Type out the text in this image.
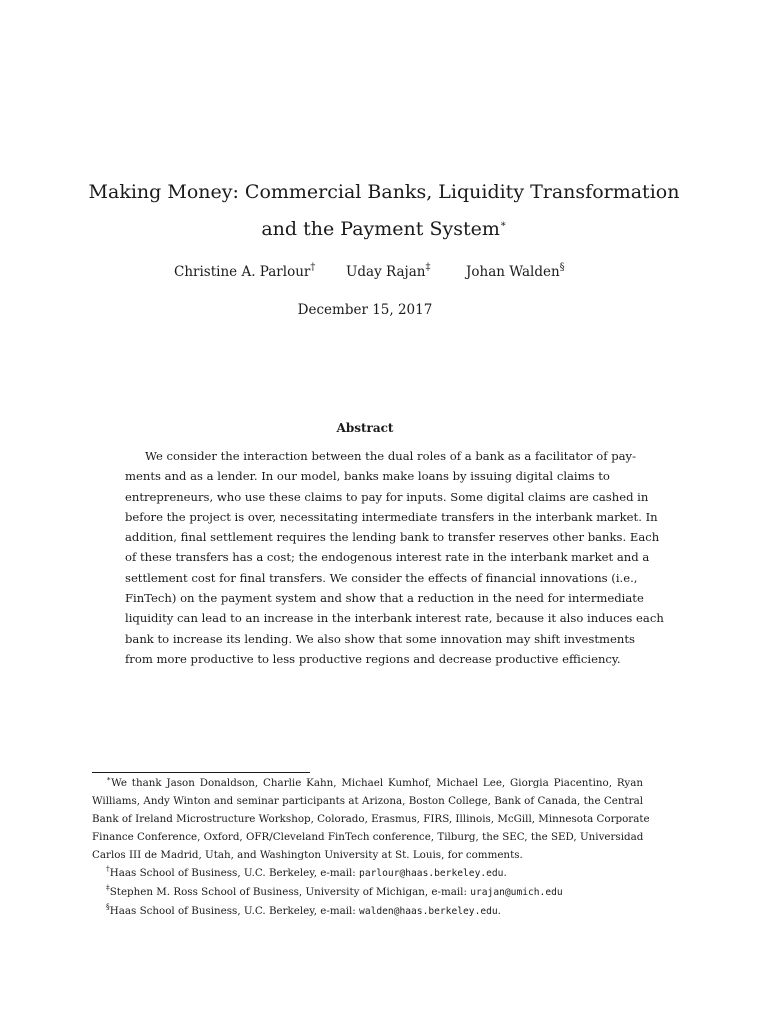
Making Money: Commercial Banks, Liquidity Transformation
and the Payment System∗
Christine A. Parlour† Uday Rajan‡	Johan Walden§
December 15, 2017
Abstract
We consider the interaction between the dual roles of a bank as a facilitator of pay-
ments and as a lender. In our model, banks make loans by issuing digital claims to
entrepreneurs, who use these claims to pay for inputs. Some digital claims are cashed in
before the project is over, necessitating intermediate transfers in the interbank market. In
addition, final settlement requires the lending bank to transfer reserves other banks. Each
of these transfers has a cost; the endogenous interest rate in the interbank market and a
settlement cost for final transfers. We consider the effects of financial innovations (i.e.,
FinTech) on the payment system and show that a reduction in the need for intermediate
liquidity can lead to an increase in the interbank interest rate, because it also induces each
bank to increase its lending. We also show that some innovation may shift investments
from more productive to less productive regions and decrease productive efficiency.
∗We thank Jason Donaldson, Charlie Kahn, Michael Kumhof, Michael Lee, Giorgia Piacentino, Ryan
Williams, Andy Winton and seminar participants at Arizona, Boston College, Bank of Canada, the Central
Bank of Ireland Microstructure Workshop, Colorado, Erasmus, FIRS, Illinois, McGill, Minnesota Corporate
Finance Conference, Oxford, OFR/Cleveland FinTech conference, Tilburg, the SEC, the SED, Universidad
Carlos III de Madrid, Utah, and Washington University at St. Louis, for comments.
†Haas School of Business, U.C. Berkeley, e-mail: parlour@haas.berkeley.edu.
‡Stephen M. Ross School of Business, University of Michigan, e-mail: urajan@umich.edu
§Haas School of Business, U.C. Berkeley, e-mail: walden@haas.berkeley.edu.
